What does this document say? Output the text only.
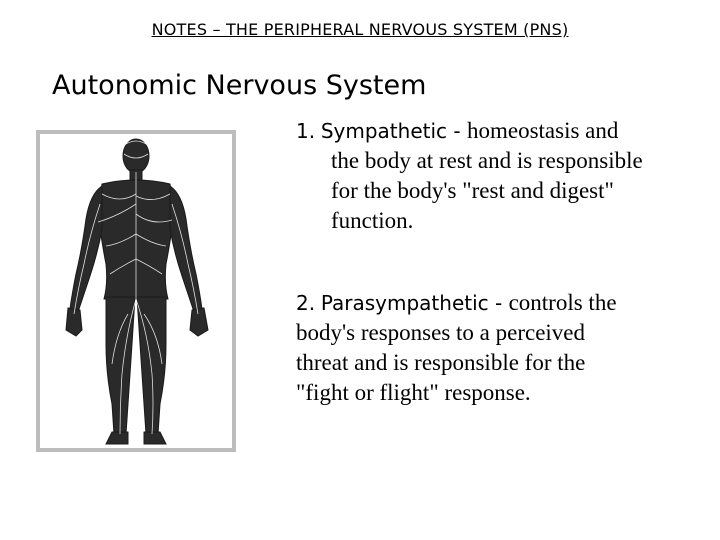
NOTES – THE PERIPHERAL NERVOUS SYSTEM (PNS)
Autonomic Nervous System
1. Sympathetic - homeostasis and
the body at rest and is responsible
for the body's "rest and digest"
function.
2. Parasympathetic - controls the
body's responses to a perceived
threat and is responsible for the
"fight or flight" response.
